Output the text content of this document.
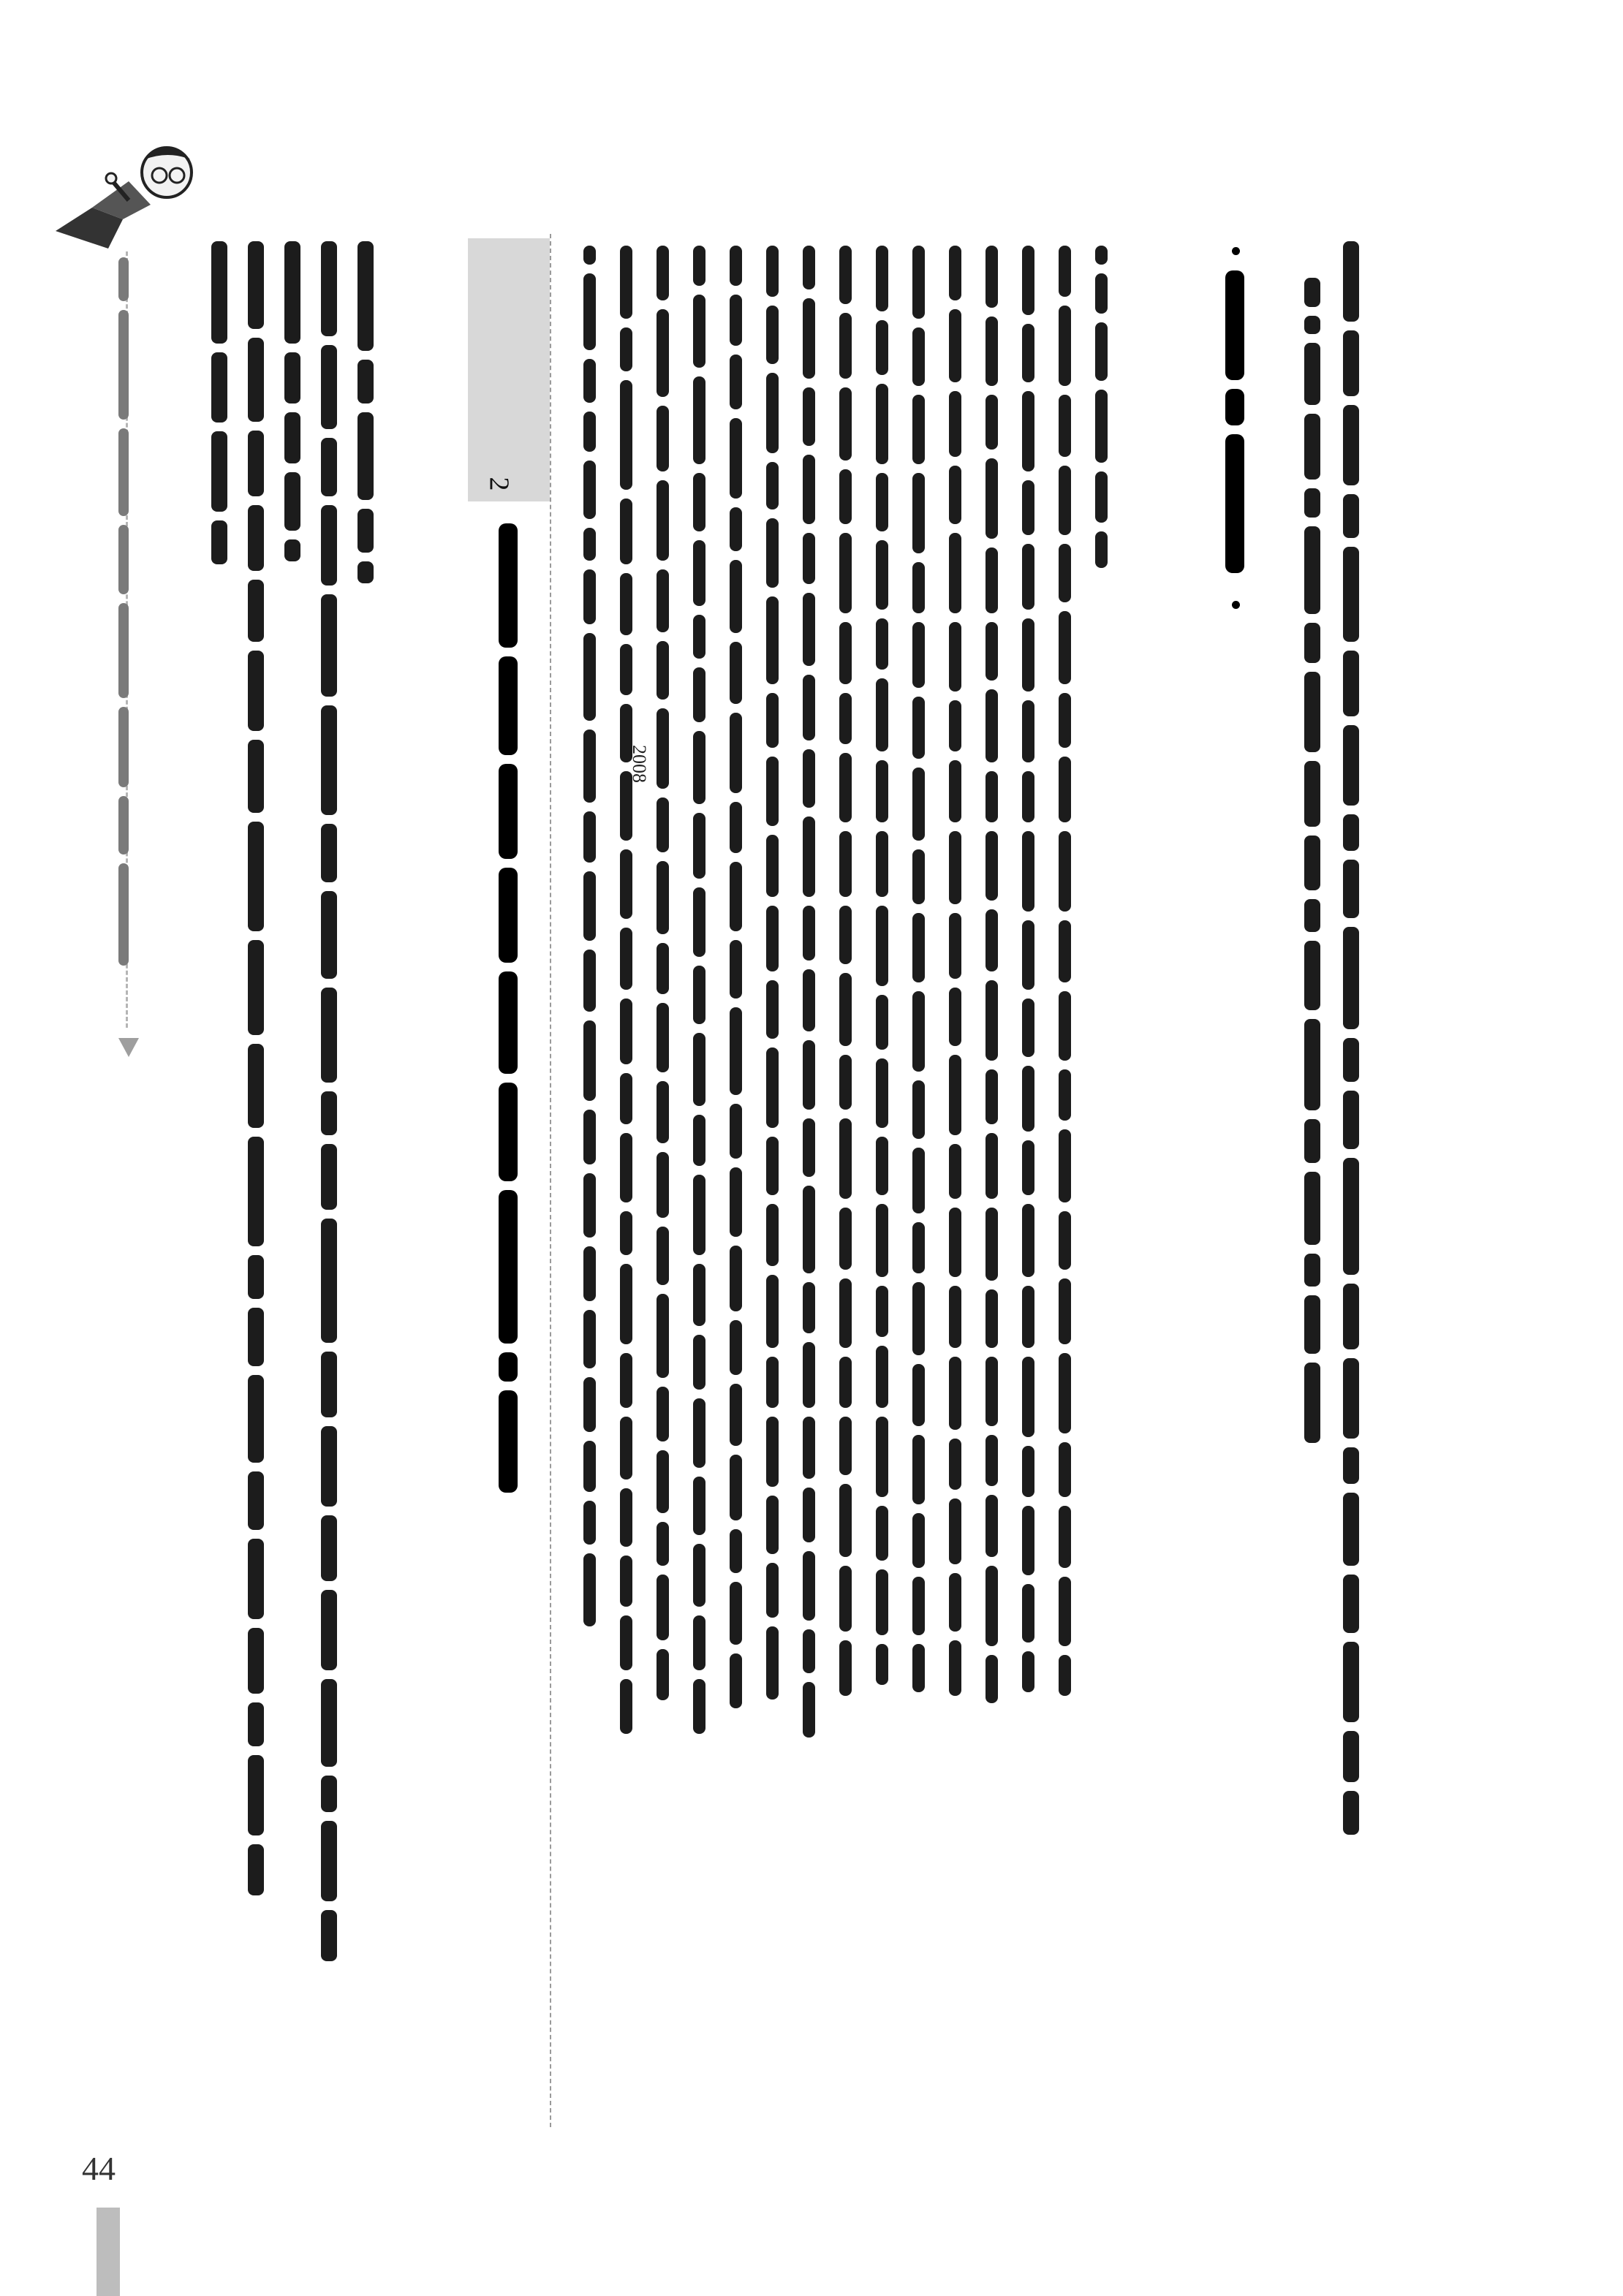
44
2
2008
